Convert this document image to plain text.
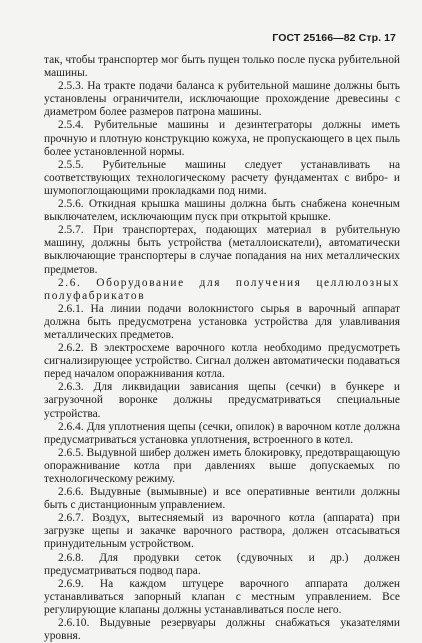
ГОСТ 25166—82 Стр. 17

так, чтобы транспортер мог быть пущен только после пуска рубительной машины.

2.5.3. На тракте подачи баланса к рубительной машине должны быть установлены ограничители, исключающие прохождение древесины с диаметром более размеров патрона машины.

2.5.4. Рубительные машины и дезинтеграторы должны иметь прочную и плотную конструкцию кожуха, не пропускающего в цех пыль более установленной нормы.

2.5.5. Рубительные машины следует устанавливать на соответствующих технологическому расчету фундаментах с вибро- и шумопоглощающими прокладками под ними.

2.5.6. Откидная крышка машины должна быть снабжена конечным выключателем, исключающим пуск при открытой крышке.

2.5.7. При транспортерах, подающих материал в рубительную машину, должны быть устройства (металлоискатели), автоматически выключающие транспортеры в случае попадания на них металлических предметов.

2.6. Оборудование для получения целлюлозных полуфабрикатов

2.6.1. На линии подачи волокнистого сырья в варочный аппарат должна быть предусмотрена установка устройства для улавливания металлических предметов.

2.6.2. В электросхеме варочного котла необходимо предусмотреть сигнализирующее устройство. Сигнал должен автоматически подаваться перед началом опоражнивания котла.

2.6.3. Для ликвидации зависания щепы (сечки) в бункере и загрузочной воронке должны предусматриваться специальные устройства.

2.6.4. Для уплотнения щепы (сечки, опилок) в варочном котле должна предусматриваться установка уплотнения, встроенного в котел.

2.6.5. Выдувной шибер должен иметь блокировку, предотвращающую опоражнивание котла при давлениях выше допускаемых по технологическому режиму.

2.6.6. Выдувные (вымывные) и все оперативные вентили должны быть с дистанционным управлением.

2.6.7. Воздух, вытесняемый из варочного котла (аппарата) при загрузке щепы и закачке варочного раствора, должен отсасываться принудительным устройством.

2.6.8. Для продувки сеток (сдувочных и др.) должен предусматриваться подвод пара.

2.6.9. На каждом штуцере варочного аппарата должен устанавливаться запорный клапан с местным управлением. Все регулирующие клапаны должны устанавливаться после него.

2.6.10. Выдувные резервуары должны снабжаться указателями уровня.
